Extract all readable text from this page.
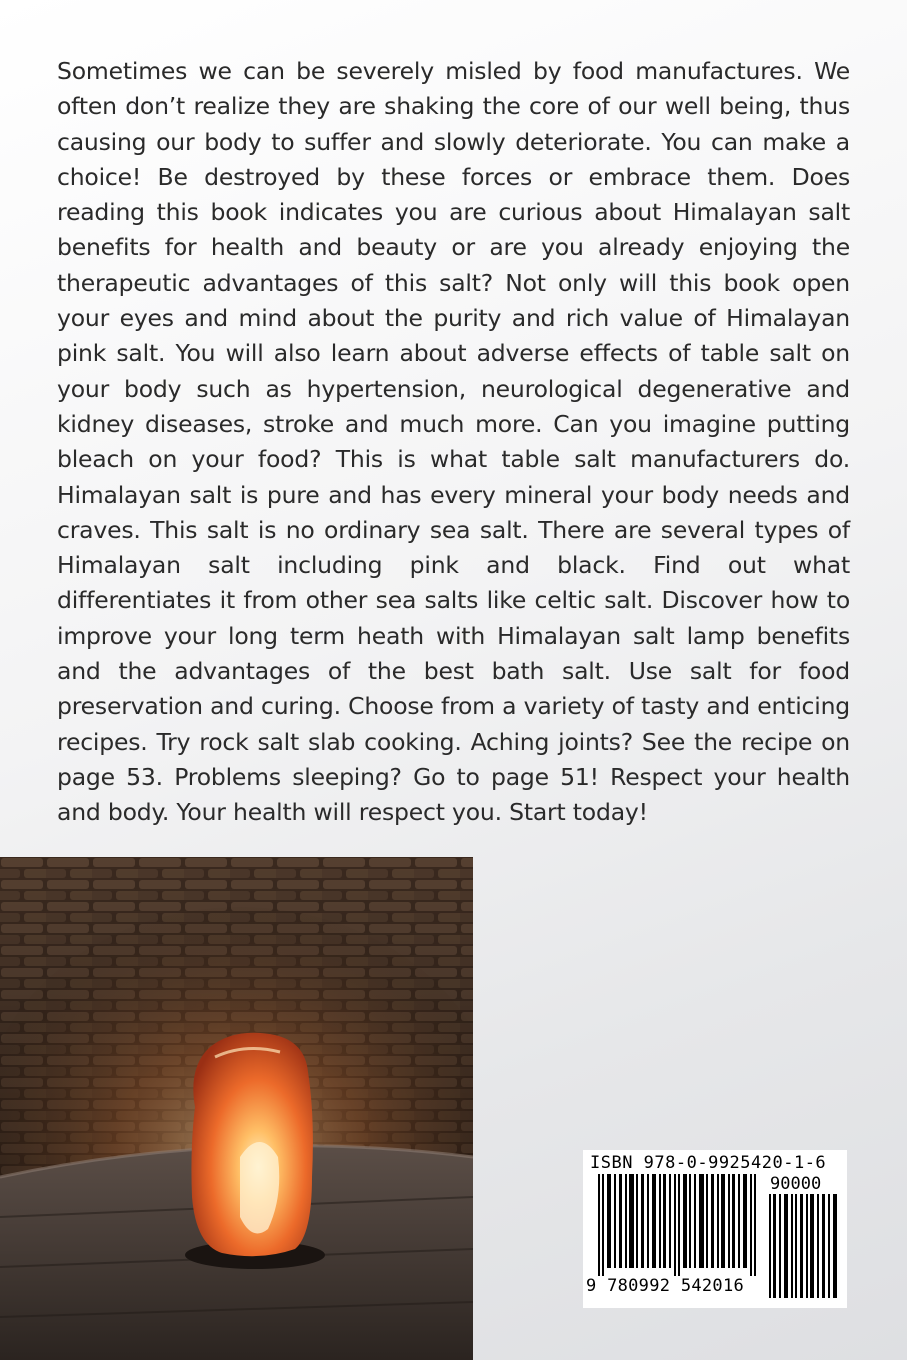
Sometimes we can be severely misled by food manufactures. We often don’t realize they are shaking the core of our well being, thus causing our body to suffer and slowly deteriorate. You can make a choice! Be destroyed by these forces or embrace them. Does reading this book indicates you are curious about Himalayan salt benefits for health and beauty or are you already enjoying the therapeutic advantages of this salt? Not only will this book open your eyes and mind about the purity and rich value of Himalayan pink salt. You will also learn about adverse effects of table salt on your body such as hypertension, neurological degenerative and kidney diseases, stroke and much more. Can you imagine putting bleach on your food? This is what table salt manufacturers do. Himalayan salt is pure and has every mineral your body needs and craves. This salt is no ordinary sea salt. There are several types of Himalayan salt including pink and black. Find out what differentiates it from other sea salts like celtic salt. Discover how to improve your long term heath with Himalayan salt lamp benefits and the advantages of the best bath salt. Use salt for food preservation and curing. Choose from a variety of tasty and enticing recipes. Try rock salt slab cooking. Aching joints? See the recipe on page 53. Problems sleeping? Go to page 51! Respect your health and body. Your health will respect you. Start today!

ISBN 978-0-9925420-1-6
90000
9 780992 542016
